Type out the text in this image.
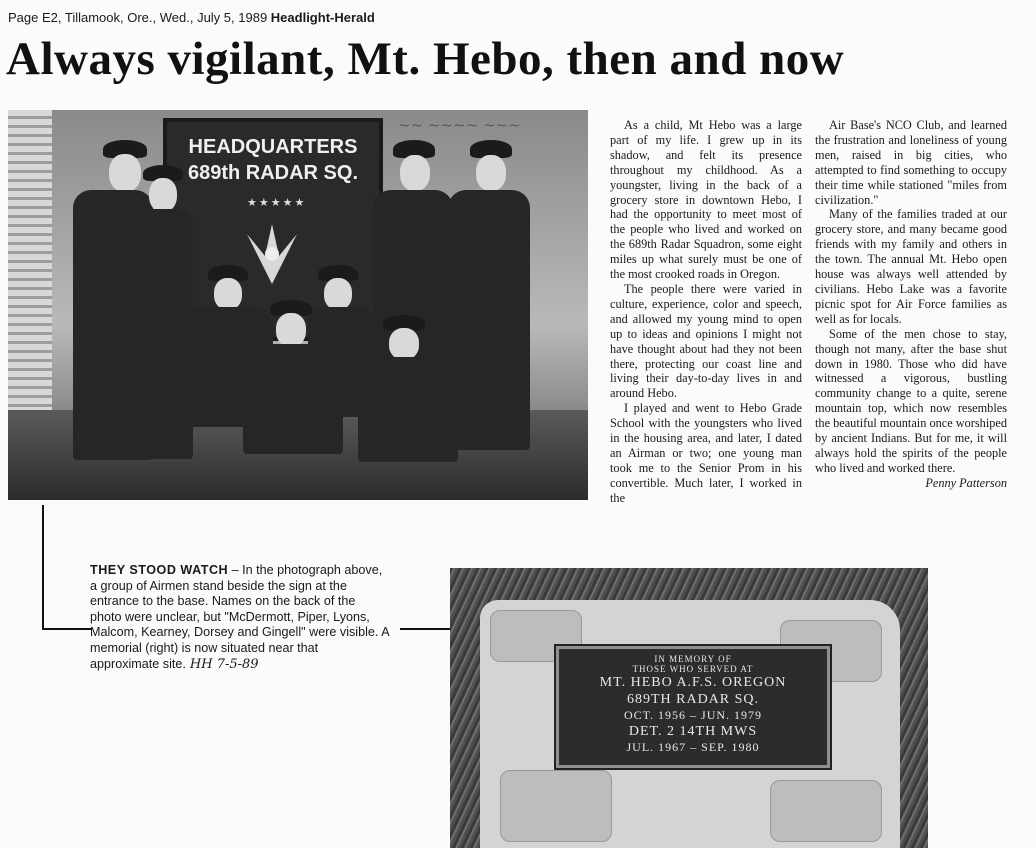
Page E2, Tillamook, Ore., Wed., July 5, 1989 Headlight-Herald
Always vigilant, Mt. Hebo, then and now
HEADQUARTERS
689th RADAR SQ.
★★★★★
~~ ~~~~ ~~~	As a child, Mt Hebo was a large part of my life. I grew up in its shadow, and felt its presence throughout my childhood. As a youngster, living in the back of a grocery store in downtown Hebo, I had the opportunity to meet most of the people who lived and worked on the 689th Radar Squadron, some eight miles up what surely must be one of the most crooked roads in Oregon.

The people there were varied in culture, experience, color and speech, and allowed my young mind to open up to ideas and opinions I might not have thought about had they not been there, protecting our coast line and living their day-to-day lives in and around Hebo.

I played and went to Hebo Grade School with the youngsters who lived in the housing area, and later, I dated an Airman or two; one young man took me to the Senior Prom in his convertible. Much later, I worked in the

Air Base's NCO Club, and learned the frustration and loneliness of young men, raised in big cities, who attempted to find something to occupy their time while stationed "miles from civilization."

Many of the families traded at our grocery store, and many became good friends with my family and others in the town. The annual Mt. Hebo open house was always well attended by civilians. Hebo Lake was a favorite picnic spot for Air Force families as well as for locals.

Some of the men chose to stay, though not many, after the base shut down in 1980. Those who did have witnessed a vigorous, bustling community change to a quite, serene mountain top, which now resembles the beautiful mountain once worshiped by ancient Indians. But for me, it will always hold the spirits of the people who lived and worked there.

Penny Patterson

THEY STOOD WATCH – In the photograph above, a group of Airmen stand beside the sign at the entrance to the base. Names on the back of the photo were unclear, but "McDermott, Piper, Lyons, Malcom, Kearney, Dorsey and Gingell" were visible. A memorial (right) is now situated near that approximate site. HH 7-5-89	IN MEMORY OF
THOSE WHO SERVED AT
MT. HEBO A.F.S. OREGON
689TH RADAR SQ.
OCT. 1956 – JUN. 1979
DET. 2 14TH MWS
JUL. 1967 – SEP. 1980
